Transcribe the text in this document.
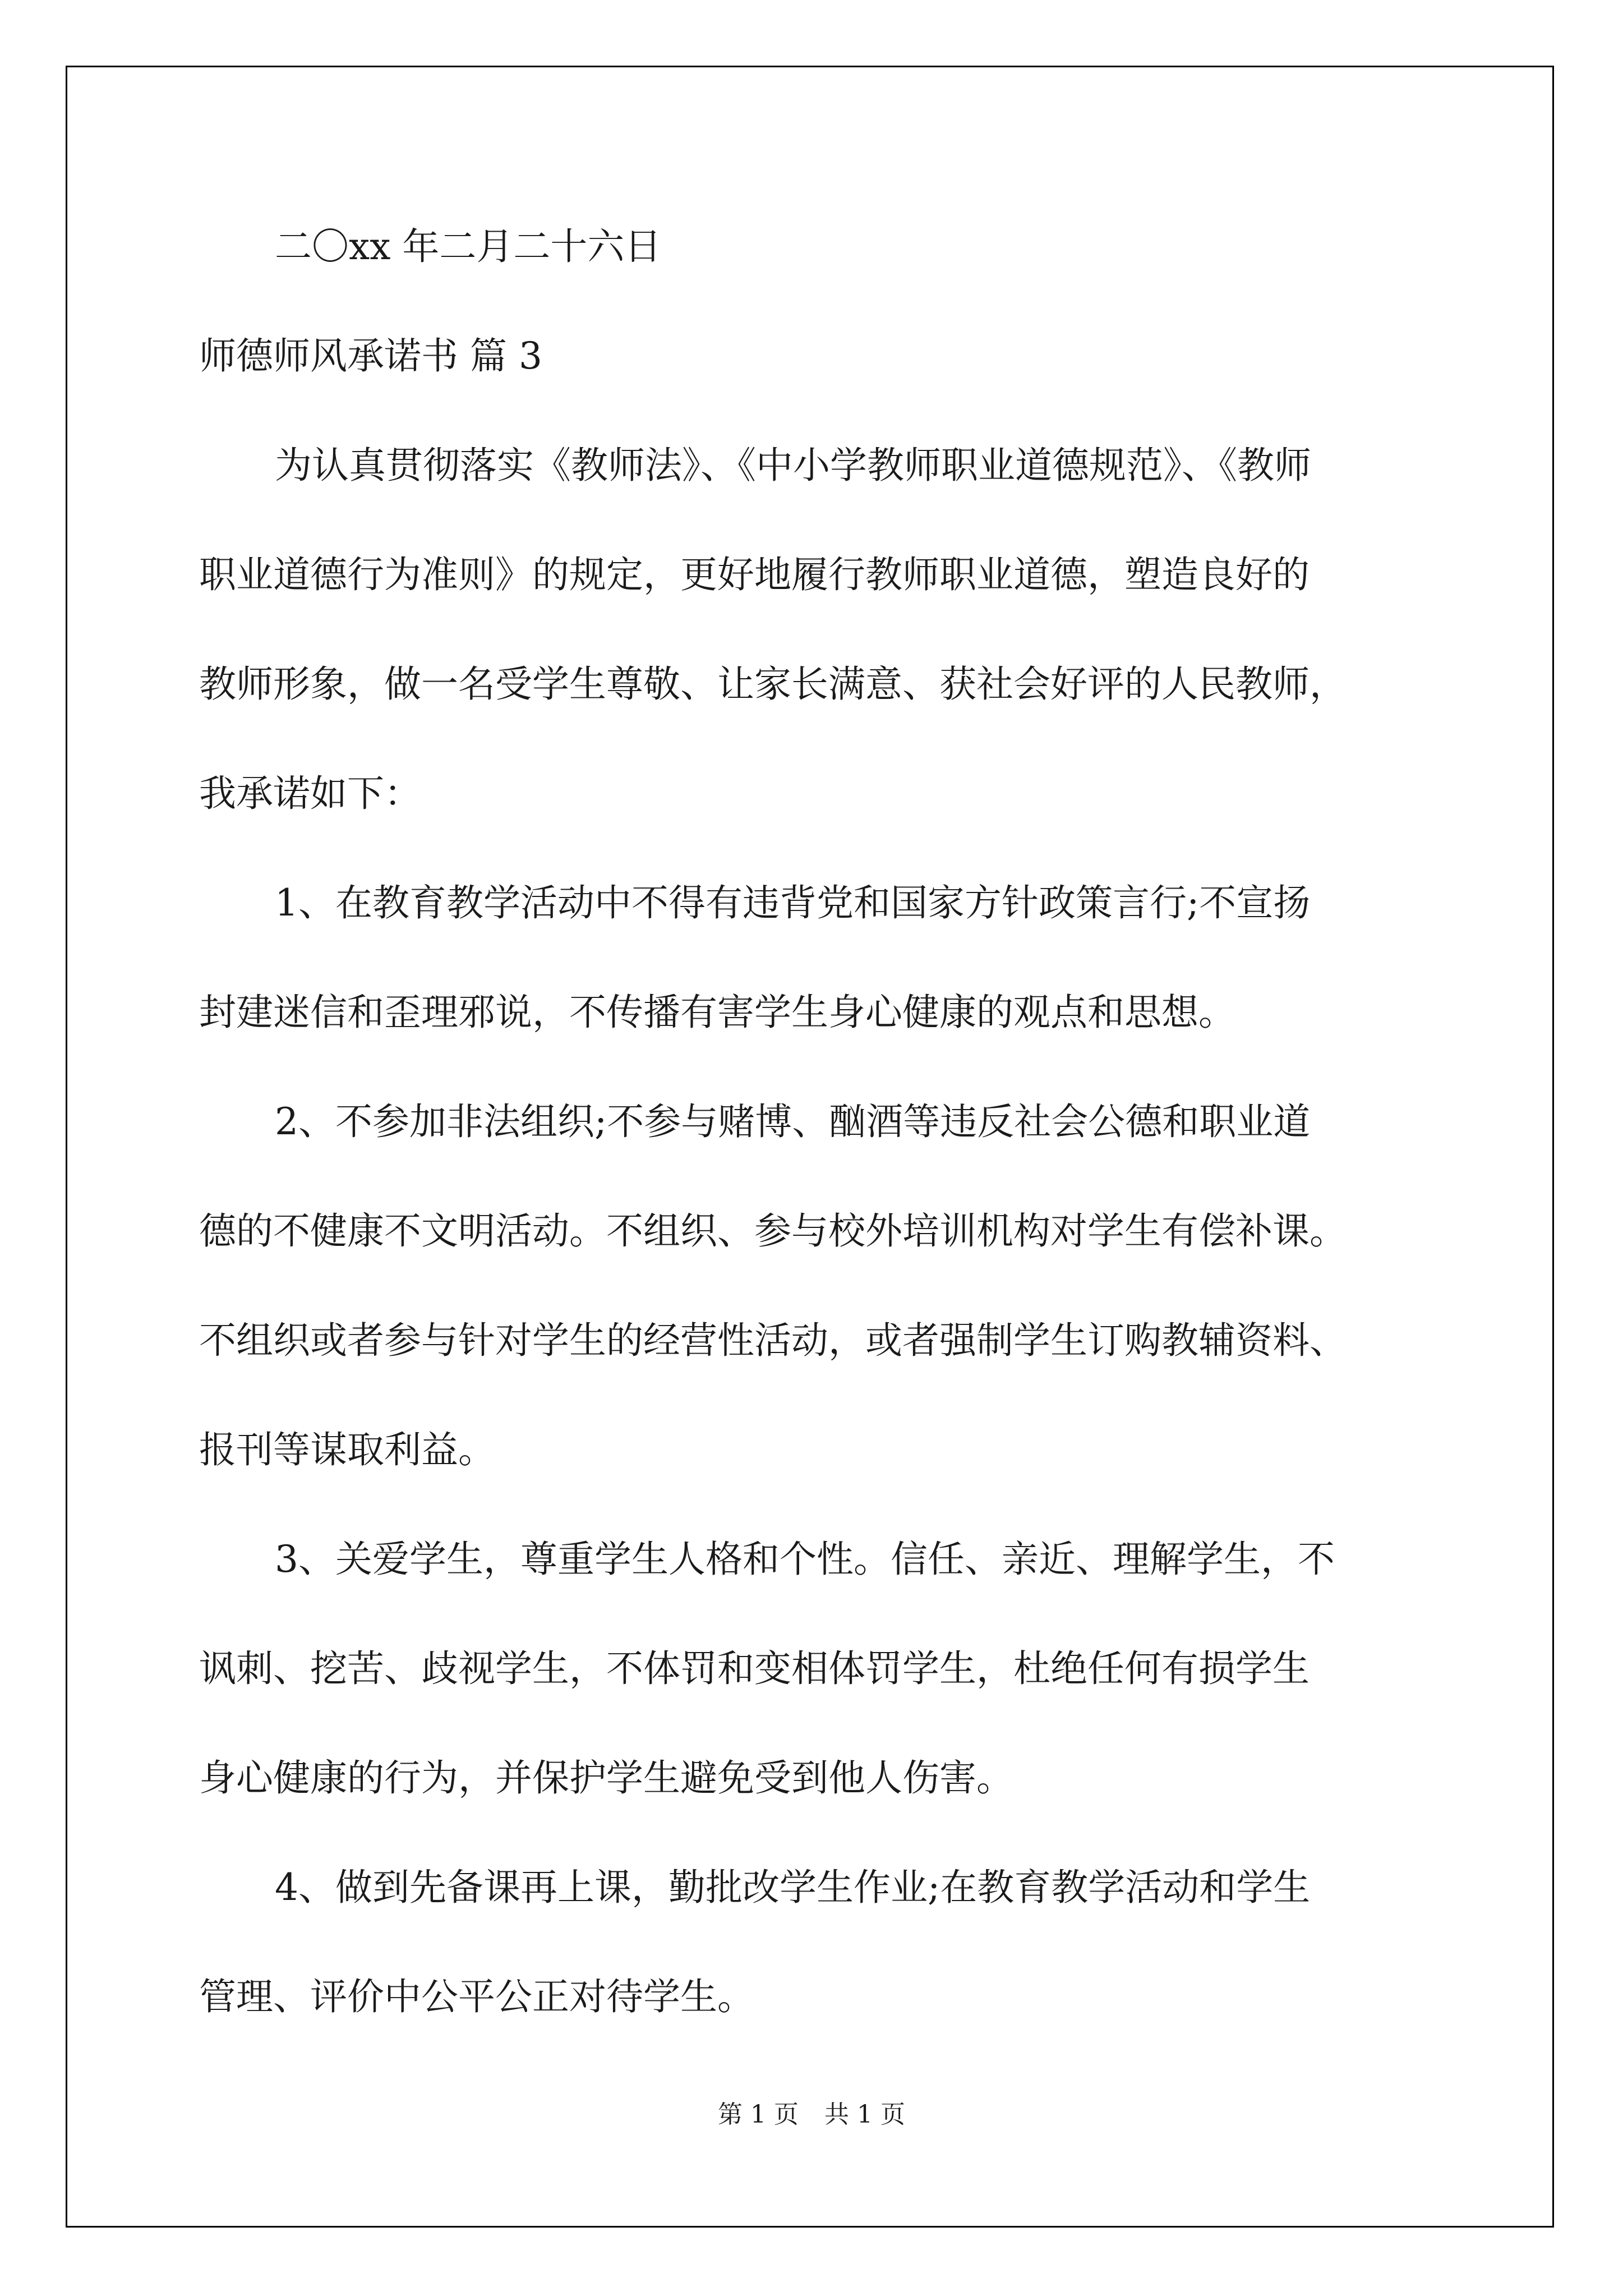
二〇xx 年二月二十六日
师德师风承诺书 篇 3
为认真贯彻落实《教师法》、《中小学教师职业道德规范》、《教师
职业道德行为准则》的规定，更好地履行教师职业道德，塑造良好的
教师形象，做一名受学生尊敬、让家长满意、获社会好评的人民教师，
我承诺如下：
1、在教育教学活动中不得有违背党和国家方针政策言行;不宣扬
封建迷信和歪理邪说，不传播有害学生身心健康的观点和思想。
2、不参加非法组织;不参与赌博、酗酒等违反社会公德和职业道
德的不健康不文明活动。不组织、参与校外培训机构对学生有偿补课。
不组织或者参与针对学生的经营性活动，或者强制学生订购教辅资料、
报刊等谋取利益。
3、关爱学生，尊重学生人格和个性。信任、亲近、理解学生，不
讽刺、挖苦、歧视学生，不体罚和变相体罚学生，杜绝任何有损学生
身心健康的行为，并保护学生避免受到他人伤害。
4、做到先备课再上课，勤批改学生作业;在教育教学活动和学生
管理、评价中公平公正对待学生。
第 1 页 共 1 页
